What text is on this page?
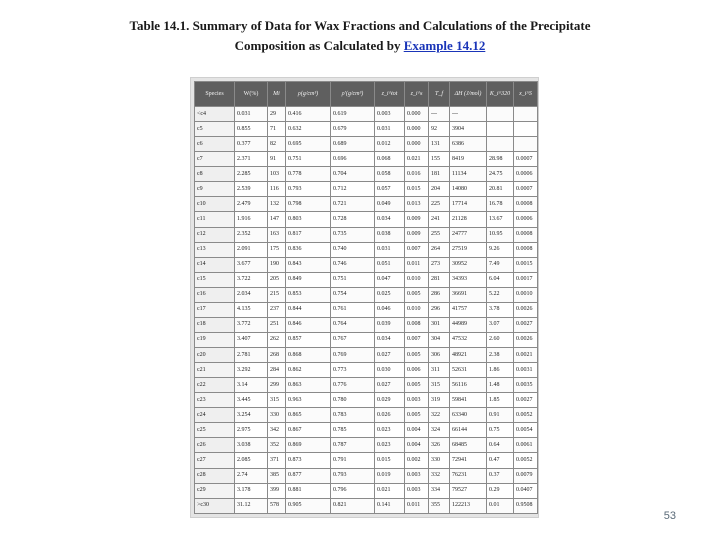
Table 14.1. Summary of Data for Wax Fractions and Calculations of the Precipitate
Composition as Calculated by Example 14.12
Species	W(%)	Mi	ρ(g/cm³)	ρ'(g/cm³)	z_i^tot	z_i^s	T_f	ΔH (J/mol)	K_i^320	x_i^S
<c4	0.031	29	0.416	0.619	0.003	0.000	---	---		
c5	0.855	71	0.632	0.679	0.031	0.000	92	3904		
c6	0.377	82	0.695	0.689	0.012	0.000	131	6386		
c7	2.371	91	0.751	0.696	0.068	0.021	155	8419	28.98	0.0007
c8	2.285	103	0.778	0.704	0.058	0.016	181	11134	24.75	0.0006
c9	2.539	116	0.793	0.712	0.057	0.015	204	14080	20.81	0.0007
c10	2.479	132	0.798	0.721	0.049	0.013	225	17714	16.78	0.0008
c11	1.916	147	0.803	0.728	0.034	0.009	241	21128	13.67	0.0006
c12	2.352	163	0.817	0.735	0.038	0.009	255	24777	10.95	0.0008
c13	2.091	175	0.836	0.740	0.031	0.007	264	27519	9.26	0.0008
c14	3.677	190	0.843	0.746	0.051	0.011	273	30952	7.49	0.0015
c15	3.722	205	0.849	0.751	0.047	0.010	281	34393	6.04	0.0017
c16	2.034	215	0.853	0.754	0.025	0.005	286	36691	5.22	0.0010
c17	4.135	237	0.844	0.761	0.046	0.010	296	41757	3.78	0.0026
c18	3.772	251	0.846	0.764	0.039	0.008	301	44989	3.07	0.0027
c19	3.407	262	0.857	0.767	0.034	0.007	304	47532	2.60	0.0026
c20	2.781	268	0.868	0.769	0.027	0.005	306	48921	2.38	0.0021
c21	3.292	284	0.862	0.773	0.030	0.006	311	52631	1.86	0.0031
c22	3.14	299	0.863	0.776	0.027	0.005	315	56116	1.48	0.0035
c23	3.445	315	0.963	0.780	0.029	0.003	319	59841	1.85	0.0027
c24	3.254	330	0.865	0.783	0.026	0.005	322	63340	0.91	0.0052
c25	2.975	342	0.867	0.785	0.023	0.004	324	66144	0.75	0.0054
c26	3.038	352	0.869	0.787	0.023	0.004	326	68485	0.64	0.0061
c27	2.085	371	0.873	0.791	0.015	0.002	330	72941	0.47	0.0052
c28	2.74	385	0.877	0.793	0.019	0.003	332	76231	0.37	0.0079
c29	3.178	399	0.881	0.796	0.021	0.003	334	79527	0.29	0.0407
>c30	31.12	578	0.905	0.821	0.141	0.011	355	122213	0.01	0.9508
53
